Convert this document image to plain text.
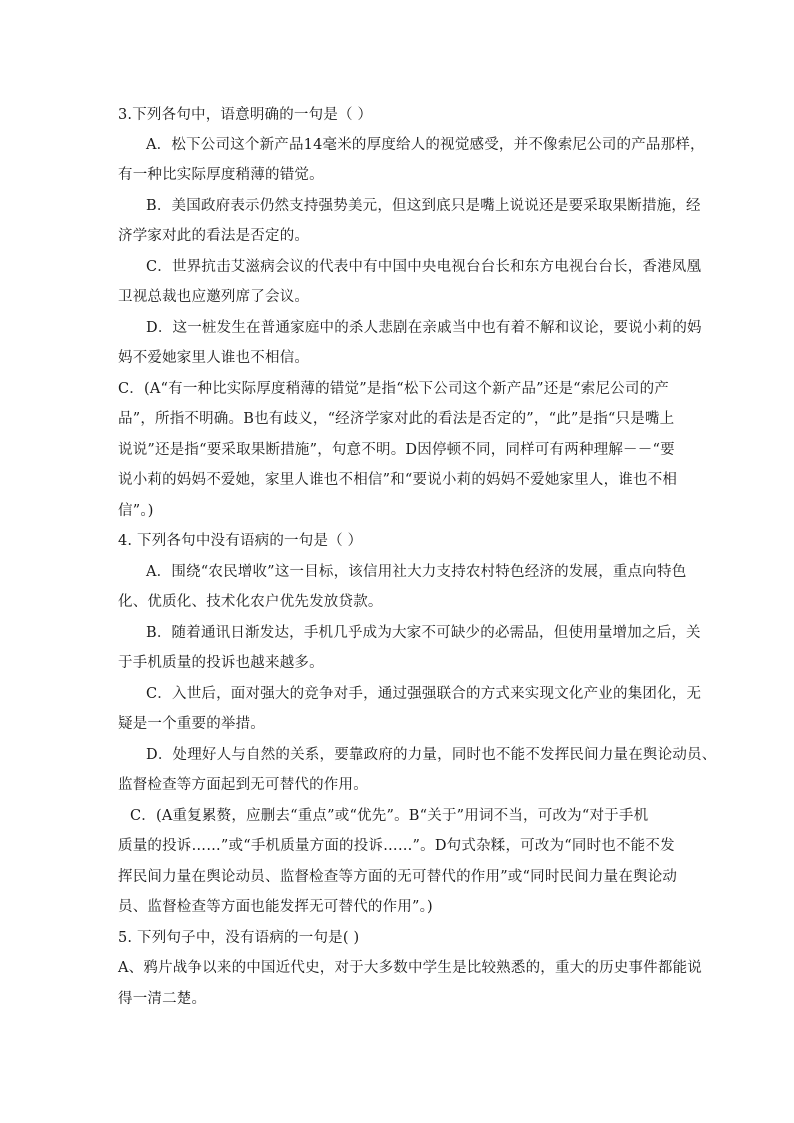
3.下列各句中，语意明确的一句是（ ）
A．松下公司这个新产品14毫米的厚度给人的视觉感受，并不像索尼公司的产品那样，
有一种比实际厚度稍薄的错觉。
B．美国政府表示仍然支持强势美元，但这到底只是嘴上说说还是要采取果断措施，经
济学家对此的看法是否定的。
C．世界抗击艾滋病会议的代表中有中国中央电视台台长和东方电视台台长，香港凤凰
卫视总裁也应邀列席了会议。
D．这一桩发生在普通家庭中的杀人悲剧在亲戚当中也有着不解和议论，要说小莉的妈
妈不爱她家里人谁也不相信。
C．(A“有一种比实际厚度稍薄的错觉”是指“松下公司这个新产品”还是“索尼公司的产
品”，所指不明确。B也有歧义，“经济学家对此的看法是否定的”，“此”是指“只是嘴上
说说”还是指“要采取果断措施”，句意不明。D因停顿不同，同样可有两种理解－－“要
说小莉的妈妈不爱她，家里人谁也不相信”和“要说小莉的妈妈不爱她家里人，谁也不相
信”。)
4. 下列各句中没有语病的一句是（ ）
A．围绕“农民增收”这一目标，该信用社大力支持农村特色经济的发展，重点向特色
化、优质化、技术化农户优先发放贷款。
B．随着通讯日渐发达，手机几乎成为大家不可缺少的必需品，但使用量增加之后，关
于手机质量的投诉也越来越多。
C．入世后，面对强大的竞争对手，通过强强联合的方式来实现文化产业的集团化，无
疑是一个重要的举措。
D．处理好人与自然的关系，要靠政府的力量，同时也不能不发挥民间力量在舆论动员、
监督检查等方面起到无可替代的作用。
C．(A重复累赘，应删去“重点”或“优先”。B“关于”用词不当，可改为“对于手机
质量的投诉……”或“手机质量方面的投诉……”。D句式杂糅，可改为“同时也不能不发
挥民间力量在舆论动员、监督检查等方面的无可替代的作用”或“同时民间力量在舆论动
员、监督检查等方面也能发挥无可替代的作用”。)
5. 下列句子中，没有语病的一句是( )
A、鸦片战争以来的中国近代史，对于大多数中学生是比较熟悉的，重大的历史事件都能说
得一清二楚。
